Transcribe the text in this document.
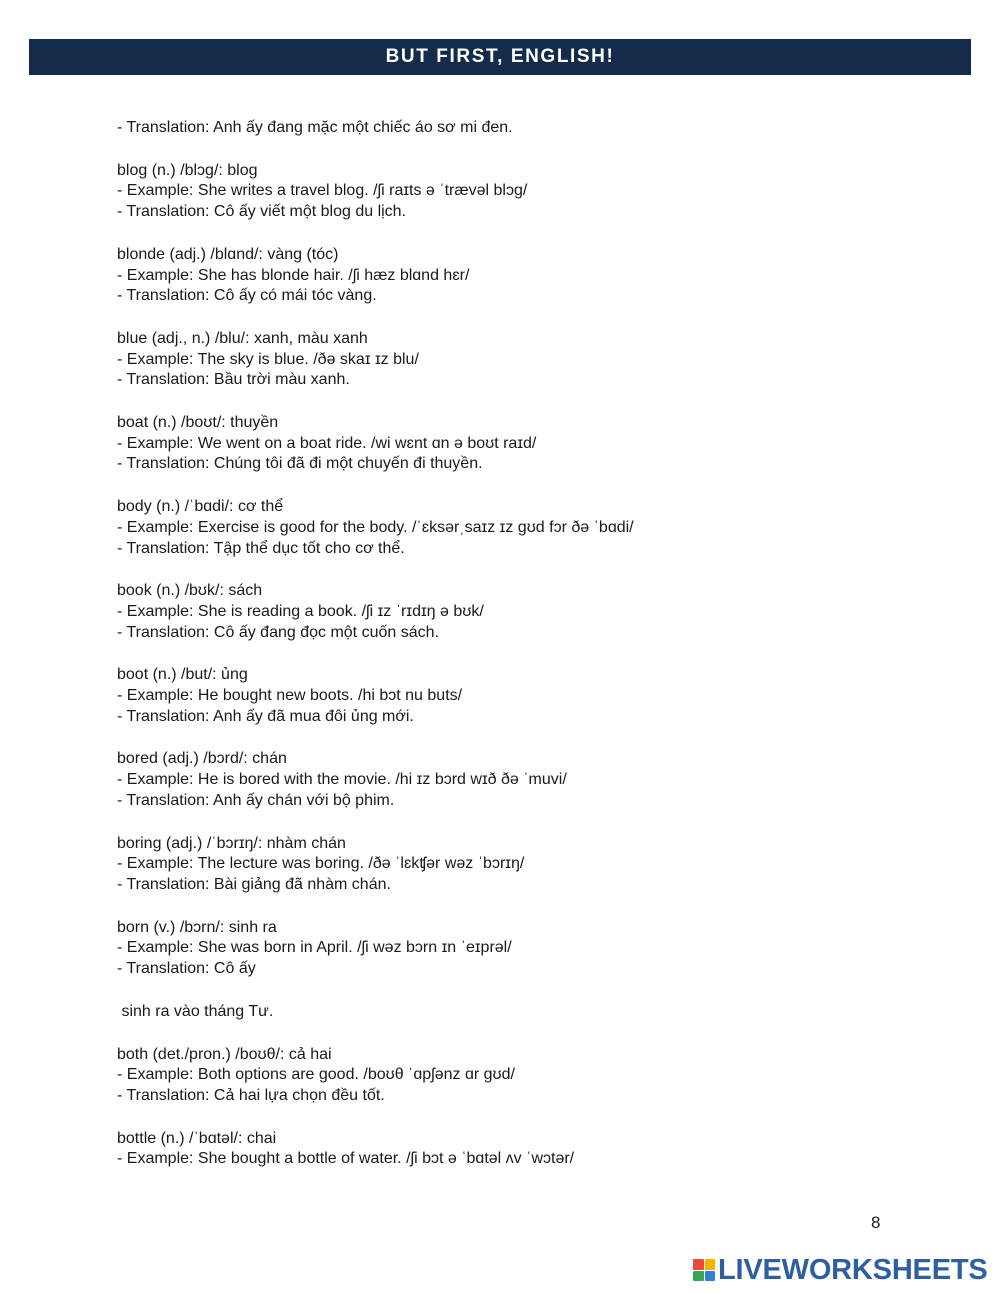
BUT FIRST, ENGLISH!
- Translation: Anh ấy đang mặc một chiếc áo sơ mi đen.
blog (n.) /blɔg/: blog
- Example: She writes a travel blog. /ʃi raɪts ə ˈtrævəl blɔg/
- Translation: Cô ấy viết một blog du lịch.
blonde (adj.) /blɑnd/: vàng (tóc)
- Example: She has blonde hair. /ʃi hæz blɑnd hɛr/
- Translation: Cô ấy có mái tóc vàng.
blue (adj., n.) /blu/: xanh, màu xanh
- Example: The sky is blue. /ðə skaɪ ɪz blu/
- Translation: Bầu trời màu xanh.
boat (n.) /boʊt/: thuyền
- Example: We went on a boat ride. /wi wɛnt ɑn ə boʊt raɪd/
- Translation: Chúng tôi đã đi một chuyến đi thuyền.
body (n.) /ˈbɑdi/: cơ thể
- Example: Exercise is good for the body. /ˈɛksərˌsaɪz ɪz gʊd fɔr ðə ˈbɑdi/
- Translation: Tập thể dục tốt cho cơ thể.
book (n.) /bʊk/: sách
- Example: She is reading a book. /ʃi ɪz ˈrɪdɪŋ ə bʊk/
- Translation: Cô ấy đang đọc một cuốn sách.
boot (n.) /but/: ủng
- Example: He bought new boots. /hi bɔt nu buts/
- Translation: Anh ấy đã mua đôi ủng mới.
bored (adj.) /bɔrd/: chán
- Example: He is bored with the movie. /hi ɪz bɔrd wɪð ðə ˈmuvi/
- Translation: Anh ấy chán với bộ phim.
boring (adj.) /ˈbɔrɪŋ/: nhàm chán
- Example: The lecture was boring. /ðə ˈlɛkʧər wəz ˈbɔrɪŋ/
- Translation: Bài giảng đã nhàm chán.
born (v.) /bɔrn/: sinh ra
- Example: She was born in April. /ʃi wəz bɔrn ɪn ˈeɪprəl/
- Translation: Cô ấy
sinh ra vào tháng Tư.
both (det./pron.) /boʊθ/: cả hai
- Example: Both options are good. /boʊθ ˈɑpʃənz ɑr gʊd/
- Translation: Cả hai lựa chọn đều tốt.
bottle (n.) /ˈbɑtəl/: chai
- Example: She bought a bottle of water. /ʃi bɔt ə ˈbɑtəl ʌv ˈwɔtər/
8
LIVEWORKSHEETS
